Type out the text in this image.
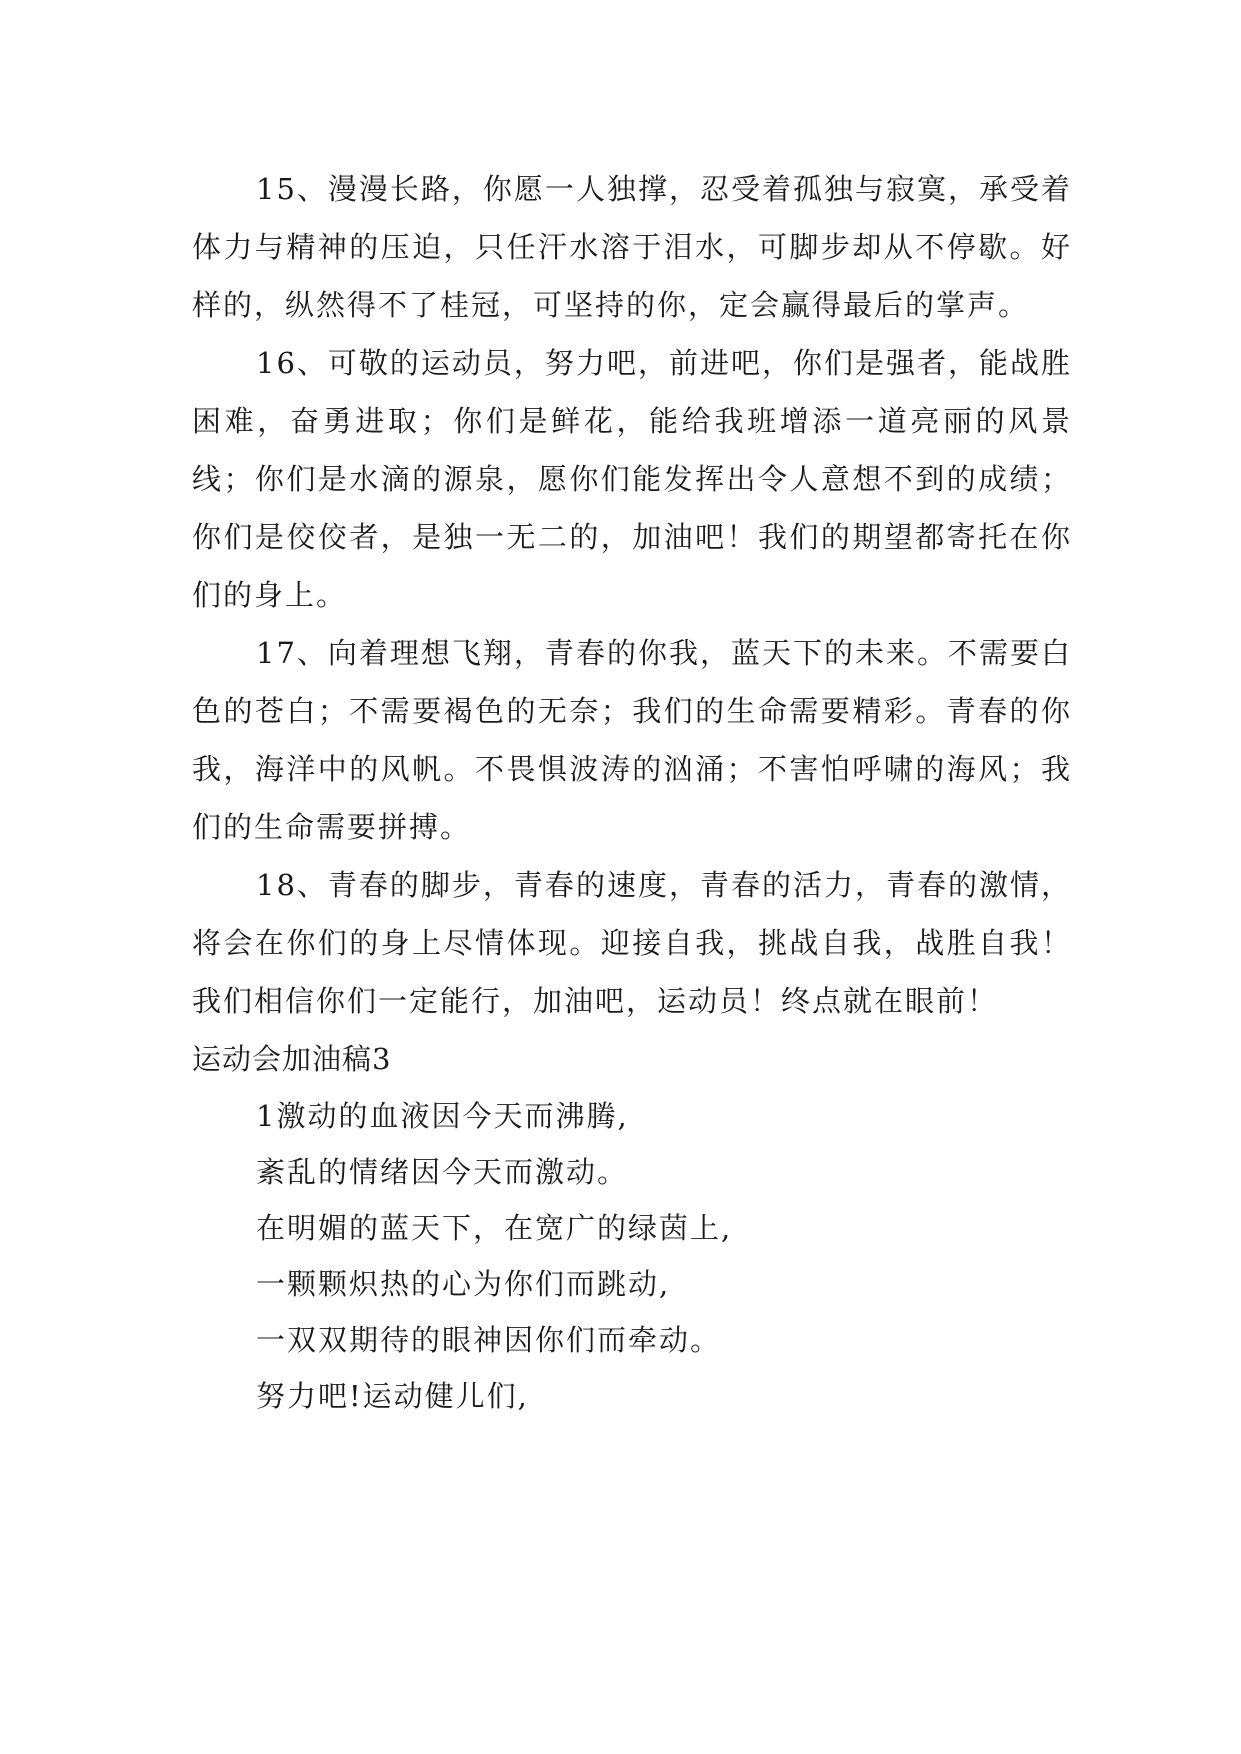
15、漫漫长路，你愿一人独撑，忍受着孤独与寂寞，承受着体力与精神的压迫，只任汗水溶于泪水，可脚步却从不停歇。好样的，纵然得不了桂冠，可坚持的你，定会赢得最后的掌声。

16、可敬的运动员，努力吧，前进吧，你们是强者，能战胜困难，奋勇进取；你们是鲜花，能给我班增添一道亮丽的风景线；你们是水滴的源泉，愿你们能发挥出令人意想不到的成绩；你们是佼佼者，是独一无二的，加油吧！我们的期望都寄托在你们的身上。

17、向着理想飞翔，青春的你我，蓝天下的未来。不需要白色的苍白；不需要褐色的无奈；我们的生命需要精彩。青春的你我，海洋中的风帆。不畏惧波涛的汹涌；不害怕呼啸的海风；我们的生命需要拼搏。

18、青春的脚步，青春的速度，青春的活力，青春的激情，将会在你们的身上尽情体现。迎接自我，挑战自我，战胜自我！我们相信你们一定能行，加油吧，运动员！终点就在眼前！

运动会加油稿3

1激动的血液因今天而沸腾,
紊乱的情绪因今天而激动。
在明媚的蓝天下，在宽广的绿茵上,
一颗颗炽热的心为你们而跳动,
一双双期待的眼神因你们而牵动。
努力吧!运动健儿们,
